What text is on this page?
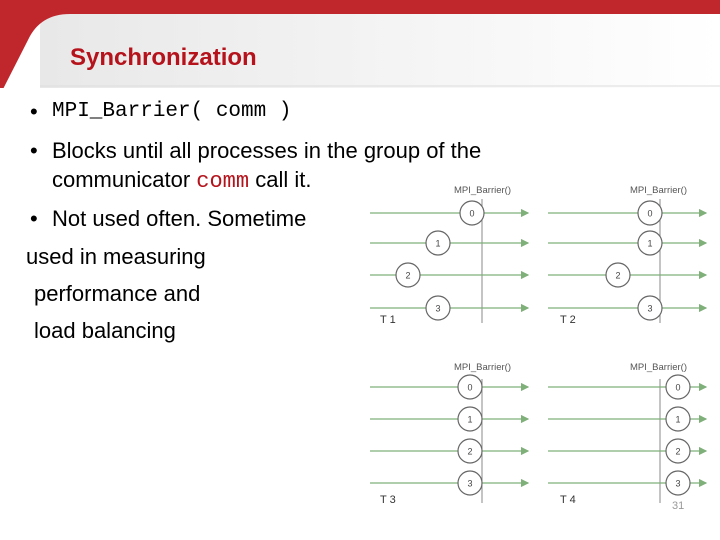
Synchronization
• MPI_Barrier( comm )
• Blocks until all processes in the group of the
communicator comm call it.
• Not used often. Sometime
used in measuring
performance and
load balancing
MPI_Barrier()
0
1
2
3
T 1
MPI_Barrier()
0
1
2
3
T 2
MPI_Barrier()
0
1
2
3
T 3
MPI_Barrier()
0
1
2
3
T 4	31
